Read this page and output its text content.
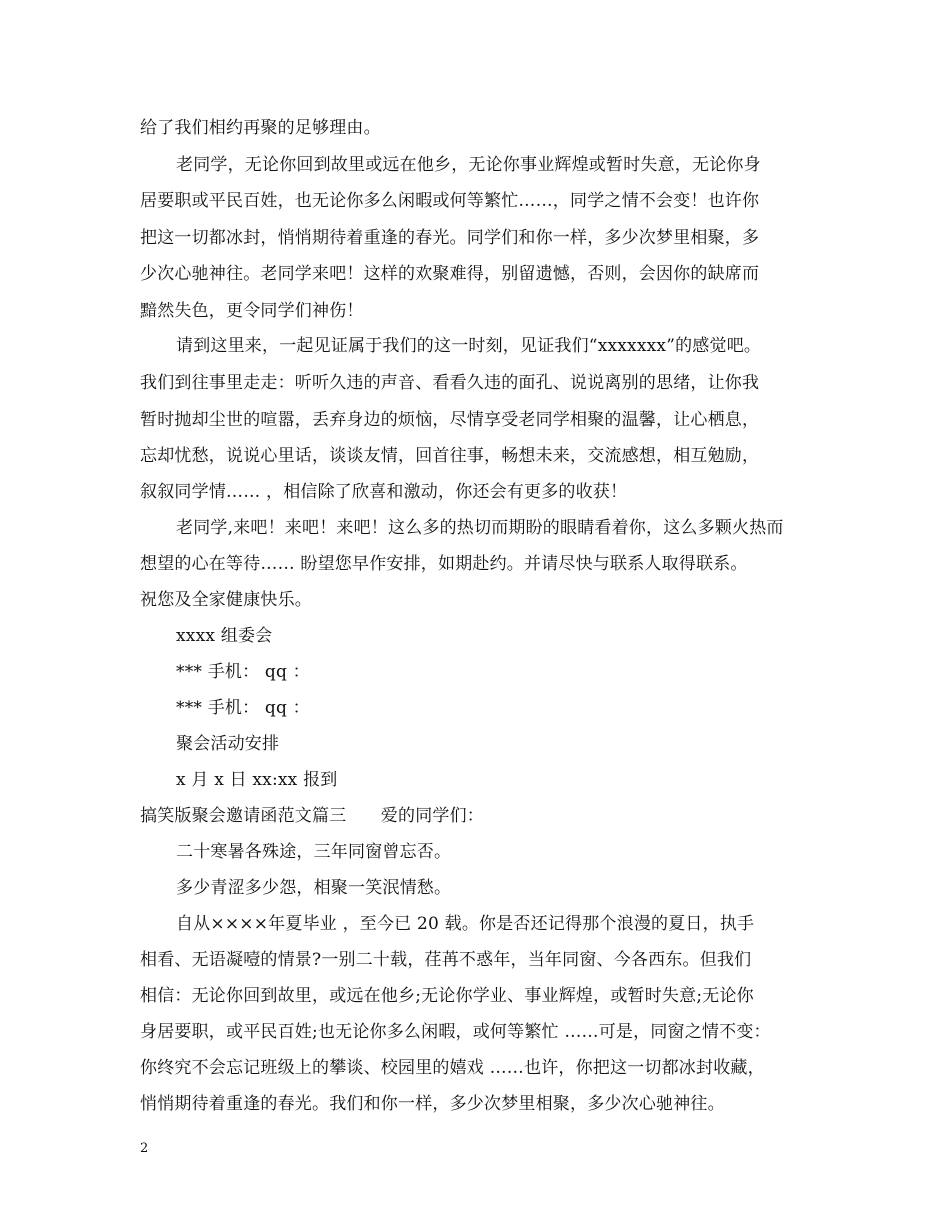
给了我们相约再聚的足够理由。
老同学，无论你回到故里或远在他乡，无论你事业辉煌或暂时失意，无论你身
居要职或平民百姓，也无论你多么闲暇或何等繁忙……，同学之情不会变！也许你
把这一切都冰封，悄悄期待着重逢的春光。同学们和你一样，多少次梦里相聚，多
少次心驰神往。老同学来吧！这样的欢聚难得，别留遗憾，否则，会因你的缺席而
黯然失色，更令同学们神伤！
请到这里来，一起见证属于我们的这一时刻，见证我们“xxxxxxx”的感觉吧。
我们到往事里走走：听听久违的声音、看看久违的面孔、说说离别的思绪，让你我
暂时抛却尘世的喧嚣，丢弃身边的烦恼，尽情享受老同学相聚的温馨，让心栖息，
忘却忧愁，说说心里话，谈谈友情，回首往事，畅想未来，交流感想，相互勉励，
叙叙同学情…… ，相信除了欣喜和激动，你还会有更多的收获！
老同学,来吧！来吧！来吧！这么多的热切而期盼的眼睛看着你，这么多颗火热而
想望的心在等待…… 盼望您早作安排，如期赴约。并请尽快与联系人取得联系。
祝您及全家健康快乐。
xxxx 组委会
*** 手机： qq ：
*** 手机： qq ：
聚会活动安排
x 月 x 日 xx:xx 报到
搞笑版聚会邀请函范文篇三　　爱的同学们：
二十寒暑各殊途，三年同窗曾忘否。
多少青涩多少怨，相聚一笑泯情愁。
自从××××年夏毕业 ，至今已 20 载。你是否还记得那个浪漫的夏日，执手
相看、无语凝噎的情景?一别二十载，荏苒不惑年，当年同窗、今各西东。但我们
相信：无论你回到故里，或远在他乡;无论你学业、事业辉煌，或暂时失意;无论你
身居要职，或平民百姓;也无论你多么闲暇，或何等繁忙 ……可是，同窗之情不变：
你终究不会忘记班级上的攀谈、校园里的嬉戏 ……也许，你把这一切都冰封收藏，
悄悄期待着重逢的春光。我们和你一样，多少次梦里相聚，多少次心驰神往。
2
